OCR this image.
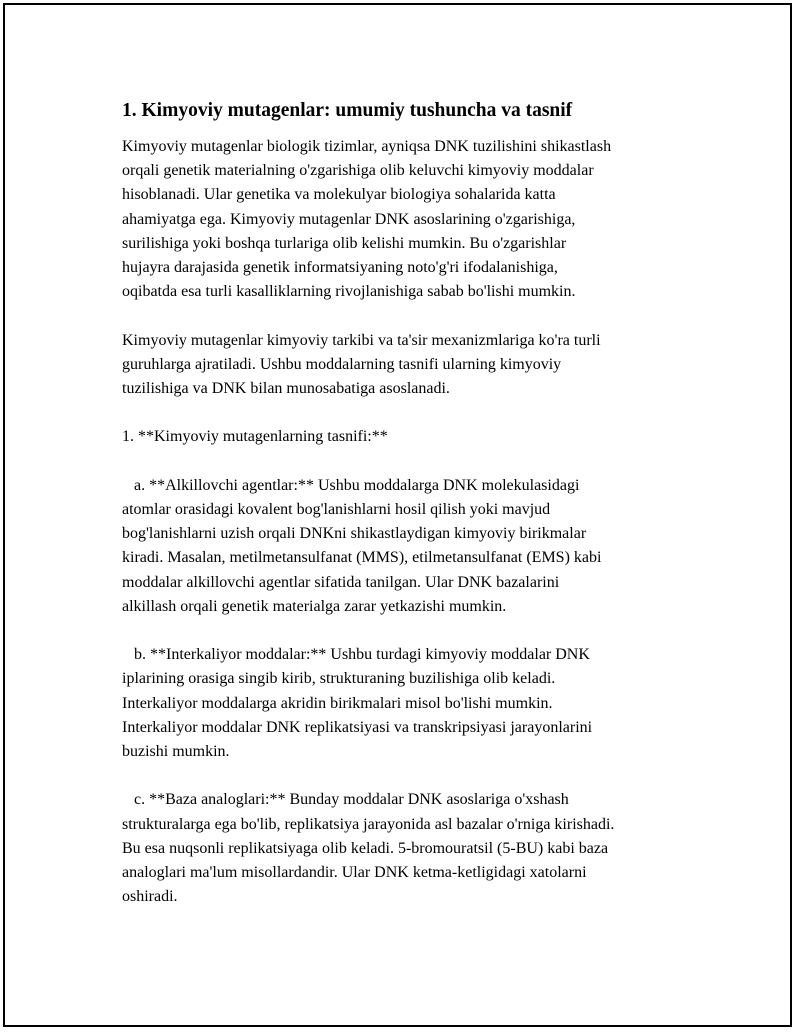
1. Kimyoviy mutagenlar: umumiy tushuncha va tasnif

Kimyoviy mutagenlar biologik tizimlar, ayniqsa DNK tuzilishini shikastlash
orqali genetik materialning o'zgarishiga olib keluvchi kimyoviy moddalar
hisoblanadi. Ular genetika va molekulyar biologiya sohalarida katta
ahamiyatga ega. Kimyoviy mutagenlar DNK asoslarining o'zgarishiga,
surilishiga yoki boshqa turlariga olib kelishi mumkin. Bu o'zgarishlar
hujayra darajasida genetik informatsiyaning noto'g'ri ifodalanishiga,
oqibatda esa turli kasalliklarning rivojlanishiga sabab bo'lishi mumkin.

Kimyoviy mutagenlar kimyoviy tarkibi va ta'sir mexanizmlariga ko'ra turli
guruhlarga ajratiladi. Ushbu moddalarning tasnifi ularning kimyoviy
tuzilishiga va DNK bilan munosabatiga asoslanadi.

1. **Kimyoviy mutagenlarning tasnifi:**

a. **Alkillovchi agentlar:** Ushbu moddalarga DNK molekulasidagi
atomlar orasidagi kovalent bog'lanishlarni hosil qilish yoki mavjud
bog'lanishlarni uzish orqali DNKni shikastlaydigan kimyoviy birikmalar
kiradi. Masalan, metilmetansulfanat (MMS), etilmetansulfanat (EMS) kabi
moddalar alkillovchi agentlar sifatida tanilgan. Ular DNK bazalarini
alkillash orqali genetik materialga zarar yetkazishi mumkin.

b. **Interkaliyor moddalar:** Ushbu turdagi kimyoviy moddalar DNK
iplarining orasiga singib kirib, strukturaning buzilishiga olib keladi.
Interkaliyor moddalarga akridin birikmalari misol bo'lishi mumkin.
Interkaliyor moddalar DNK replikatsiyasi va transkripsiyasi jarayonlarini
buzishi mumkin.

c. **Baza analoglari:** Bunday moddalar DNK asoslariga o'xshash
strukturalarga ega bo'lib, replikatsiya jarayonida asl bazalar o'rniga kirishadi.
Bu esa nuqsonli replikatsiyaga olib keladi. 5-bromouratsil (5-BU) kabi baza
analoglari ma'lum misollardandir. Ular DNK ketma-ketligidagi xatolarni
oshiradi.
